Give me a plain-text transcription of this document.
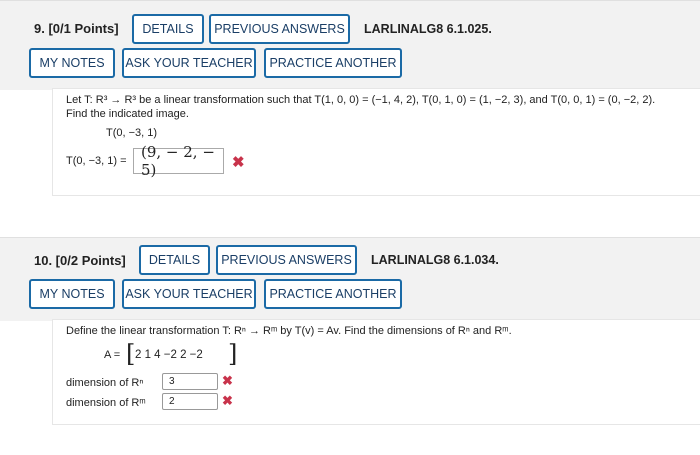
9. [0/1 Points]	DETAILS	PREVIOUS ANSWERS	LARLINALG8 6.1.025.
MY NOTES	ASK YOUR TEACHER	PRACTICE ANOTHER
Let T: R³ → R³ be a linear transformation such that T(1, 0, 0) = (−1, 4, 2), T(0, 1, 0) = (1, −2, 3), and T(0, 0, 1) = (0, −2, 2).
Find the indicated image.
T(0, −3, 1)
T(0, −3, 1) = (9, − 2, − 5)	✖
10. [0/2 Points]	DETAILS	PREVIOUS ANSWERS	LARLINALG8 6.1.034.
MY NOTES	ASK YOUR TEACHER	PRACTICE ANOTHER
Define the linear transformation T: Rⁿ → Rᵐ by T(v) = Av. Find the dimensions of Rⁿ and Rᵐ.
A = [ 2 1 4 −2 2 −2 ]
dimension of Rⁿ	3	✖
dimension of Rᵐ	2	✖
